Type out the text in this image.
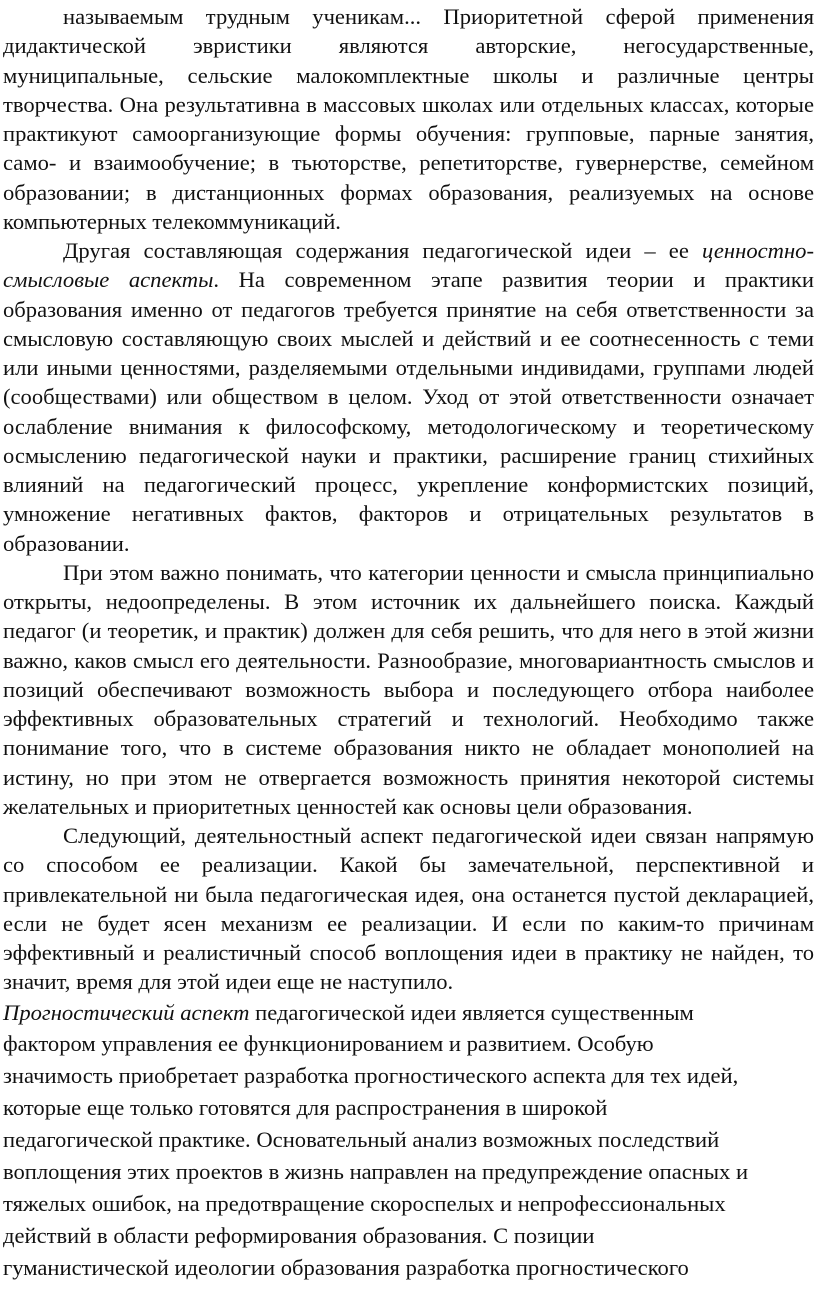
называемым трудным ученикам... Приоритетной сферой применения дидактической эвристики являются авторские, негосударственные, муниципальные, сельские малокомплектные школы и различные центры творчества. Она результативна в массовых школах или отдельных классах, которые практикуют самоорганизующие формы обучения: групповые, парные занятия, само- и взаимообучение; в тьюторстве, репетиторстве, гувернерстве, семейном образовании; в дистанционных формах образования, реализуемых на основе компьютерных телекоммуникаций.

Другая составляющая содержания педагогической идеи – ее ценностно-смысловые аспекты. На современном этапе развития теории и практики образования именно от педагогов требуется принятие на себя ответственности за смысловую составляющую своих мыслей и действий и ее соотнесенность с теми или иными ценностями, разделяемыми отдельными индивидами, группами людей (сообществами) или обществом в целом. Уход от этой ответственности означает ослабление внимания к философскому, методологическому и теоретическому осмыслению педагогической науки и практики, расширение границ стихийных влияний на педагогический процесс, укрепление конформистских позиций, умножение негативных фактов, факторов и отрицательных результатов в образовании.

При этом важно понимать, что категории ценности и смысла принципиально открыты, недоопределены. В этом источник их дальнейшего поиска. Каждый педагог (и теоретик, и практик) должен для себя решить, что для него в этой жизни важно, каков смысл его деятельности. Разнообразие, многовариантность смыслов и позиций обеспечивают возможность выбора и последующего отбора наиболее эффективных образовательных стратегий и технологий. Необходимо также понимание того, что в системе образования никто не обладает монополией на истину, но при этом не отвергается возможность принятия некоторой системы желательных и приоритетных ценностей как основы цели образования.

Следующий, деятельностный аспект педагогической идеи связан напрямую со способом ее реализации. Какой бы замечательной, перспективной и привлекательной ни была педагогическая идея, она останется пустой декларацией, если не будет ясен механизм ее реализации. И если по каким-то причинам эффективный и реалистичный способ воплощения идеи в практику не найден, то значит, время для этой идеи еще не наступило.

Прогностический аспект педагогической идеи является существенным
фактором управления ее функционированием и развитием. Особую
значимость приобретает разработка прогностического аспекта для тех идей,
которые еще только готовятся для распространения в широкой
педагогической практике. Основательный анализ возможных последствий
воплощения этих проектов в жизнь направлен на предупреждение опасных и
тяжелых ошибок, на предотвращение скороспелых и непрофессиональных
действий в области реформирования образования. С позиции
гуманистической идеологии образования разработка прогностического
